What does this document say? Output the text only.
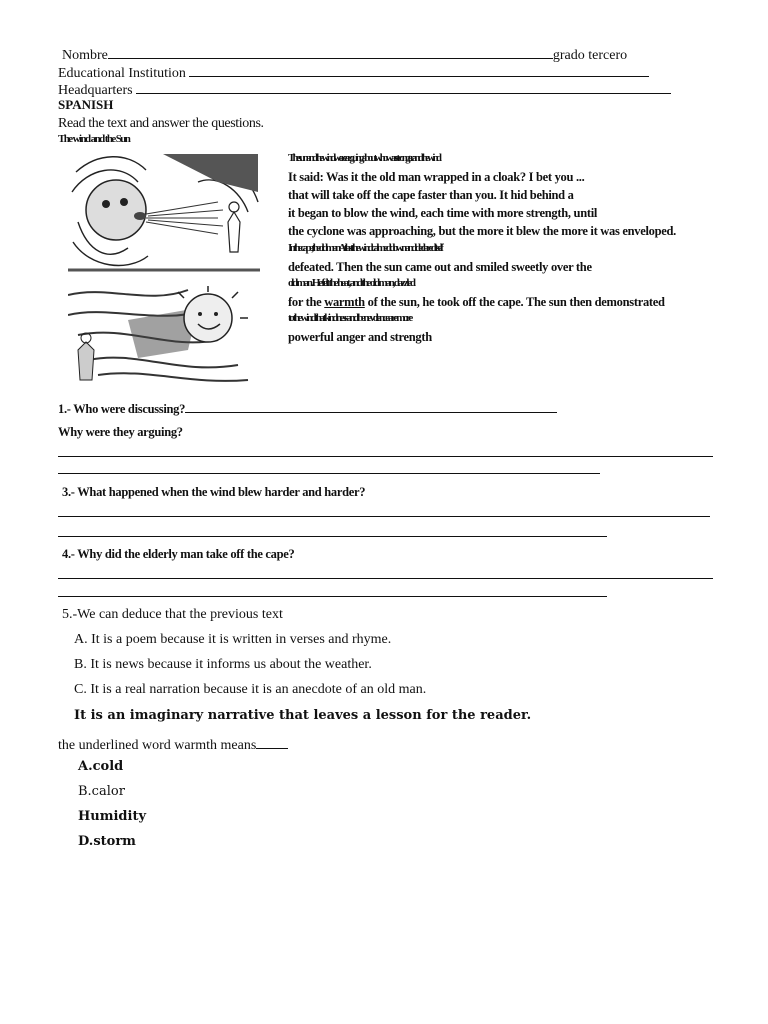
Nombre	grado tercero
Educational Institution
Headquarters
SPANISH
Read the text and answer the questions.
The wind and the Sun
The sun and the wind were arguing about who was stronger and the wind
It said: Was it the old man wrapped in a cloak? I bet you ...
that will take off the cape faster than you. It hid behind a
it began to blow the wind, each time with more strength, until
the cyclone was approaching, but the more it blew the more it was enveloped.
In the cape, the old man. At last the wind calmed down and declared itself
defeated. Then the sun came out and smiled sweetly over the
old man. He felt the heat, and the old man, dazzled
for the warmth of the sun, he took off the cape. The sun then demonstrated
to the wind that kindness and benevolence are more
powerful anger and strength
1.- Who were discussing?
Why were they arguing?
3.- What happened when the wind blew harder and harder?
4.- Why did the elderly man take off the cape?
5.-We can deduce that the previous text
A. It is a poem because it is written in verses and rhyme.
B. It is news because it informs us about the weather.
C. It is a real narration because it is an anecdote of an old man.
It is an imaginary narrative that leaves a lesson for the reader.
the underlined word warmth means
A.cold
B.calor
Humidity
D.storm
